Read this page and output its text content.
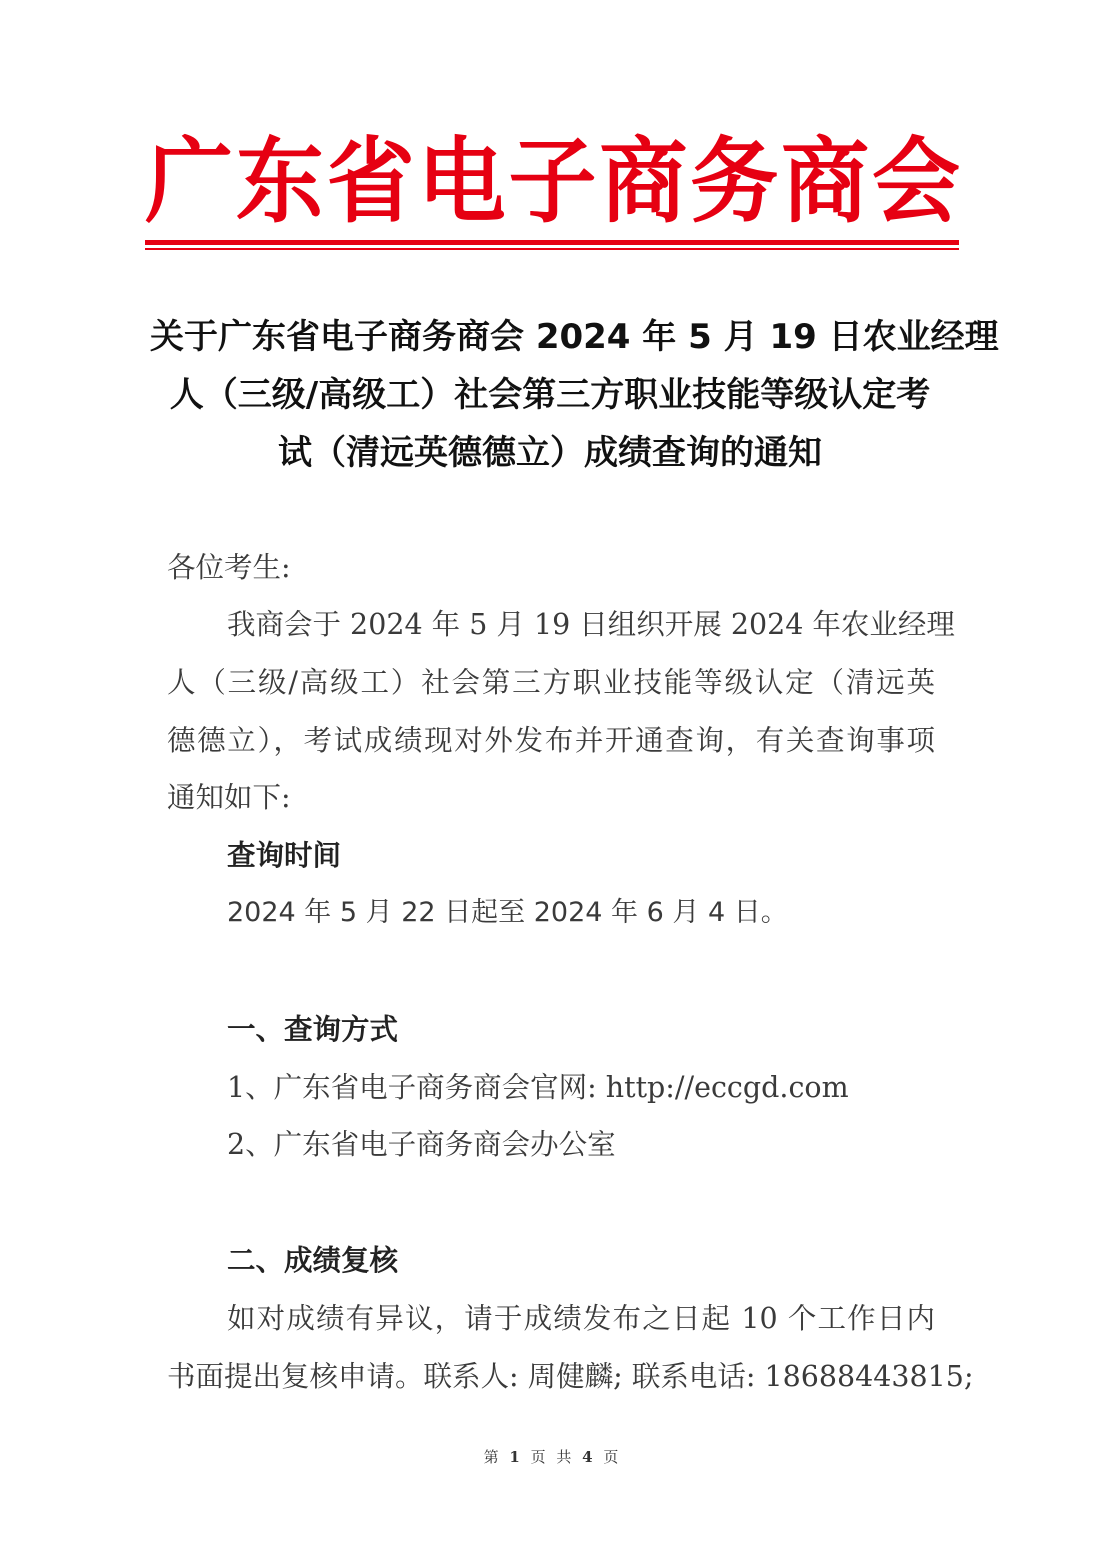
广 东 省 电 子 商 务 商 会
关于广东省电子商务商会 2024 年 5 月 19 日农业经理
人（三级/高级工）社会第三方职业技能等级认定考
试（清远英德德立）成绩查询的通知
各位考生:
我商会于 2024 年 5 月 19 日组织开展 2024 年农业经理
人（三级/高级工）社会第三方职业技能等级认定（清远英
德德立），考试成绩现对外发布并开通查询，有关查询事项
通知如下:
查询时间
2024 年 5 月 22 日起至 2024 年 6 月 4 日。
一、查询方式
1、广东省电子商务商会官网: http://eccgd.com
2、广东省电子商务商会办公室
二、成绩复核
如对成绩有异议，请于成绩发布之日起 10 个工作日内
书面提出复核申请。联系人: 周健麟; 联系电话: 18688443815;
第 1 页 共 4 页
